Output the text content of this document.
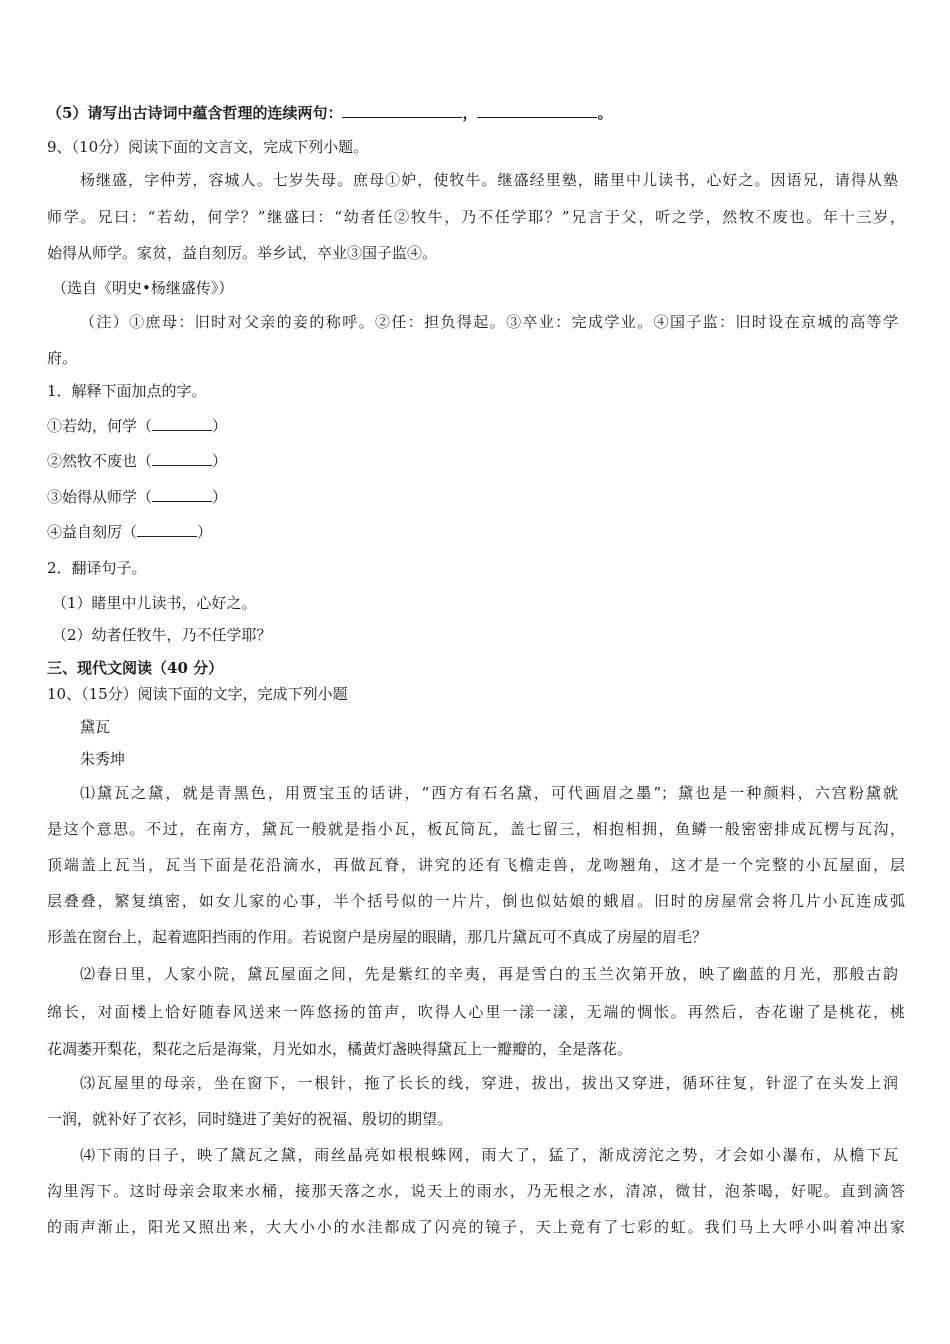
（5）请写出古诗词中蕴含哲理的连续两句：	，	。
9、（10分）阅读下面的文言文，完成下列小题。
杨继盛，字仲芳，容城人。七岁失母。庶母①妒，使牧牛。继盛经里塾，睹里中儿读书，心好之。因语兄，请得从塾
师学。兄曰：“若幼，何学？”继盛曰：“幼者任②牧牛，乃不任学耶？”兄言于父，听之学，然牧不废也。年十三岁，
始得从师学。家贫，益自刻厉。举乡试，卒业③国子监④。
（选自《明史•杨继盛传》）
（注）①庶母：旧时对父亲的妾的称呼。②任：担负得起。③卒业：完成学业。④国子监：旧时设在京城的高等学
府。
1．解释下面加点的字。
①若幼，何学（	）
②然牧不废也（	）
③始得从师学（	）
④益自刻厉（	）
2．翻译句子。
（1）睹里中儿读书，心好之。
（2）幼者任牧牛，乃不任学耶？
三、现代文阅读（40 分）
10、（15分）阅读下面的文字，完成下列小题
黛瓦
朱秀坤
⑴黛瓦之黛，就是青黑色，用贾宝玉的话讲，“西方有石名黛，可代画眉之墨”；黛也是一种颜料，六宫粉黛就
是这个意思。不过，在南方，黛瓦一般就是指小瓦，板瓦筒瓦，盖七留三，相抱相拥，鱼鳞一般密密排成瓦楞与瓦沟，
顶端盖上瓦当，瓦当下面是花沿滴水，再做瓦脊，讲究的还有飞檐走兽，龙吻翘角，这才是一个完整的小瓦屋面，层
层叠叠，繁复缜密，如女儿家的心事，半个括号似的一片片，倒也似姑娘的蛾眉。旧时的房屋常会将几片小瓦连成弧
形盖在窗台上，起着遮阳挡雨的作用。若说窗户是房屋的眼睛，那几片黛瓦可不真成了房屋的眉毛？
⑵春日里，人家小院，黛瓦屋面之间，先是紫红的辛夷，再是雪白的玉兰次第开放，映了幽蓝的月光，那般古韵
绵长，对面楼上恰好随春风送来一阵悠扬的笛声，吹得人心里一漾一漾，无端的惆怅。再然后，杏花谢了是桃花，桃
花凋萎开梨花，梨花之后是海棠，月光如水，橘黄灯盏映得黛瓦上一瓣瓣的，全是落花。
⑶瓦屋里的母亲，坐在窗下，一根针，拖了长长的线，穿进，拔出，拔出又穿进，循环往复，针涩了在头发上润
一润，就补好了衣衫，同时缝进了美好的祝福、殷切的期望。
⑷下雨的日子，映了黛瓦之黛，雨丝晶亮如根根蛛网，雨大了，猛了，渐成滂沱之势，才会如小瀑布，从檐下瓦
沟里泻下。这时母亲会取来水桶，接那天落之水，说天上的雨水，乃无根之水，清凉，微甘，泡茶喝，好呢。直到滴答
的雨声渐止，阳光又照出来，大大小小的水洼都成了闪亮的镜子，天上竟有了七彩的虹。我们马上大呼小叫着冲出家
